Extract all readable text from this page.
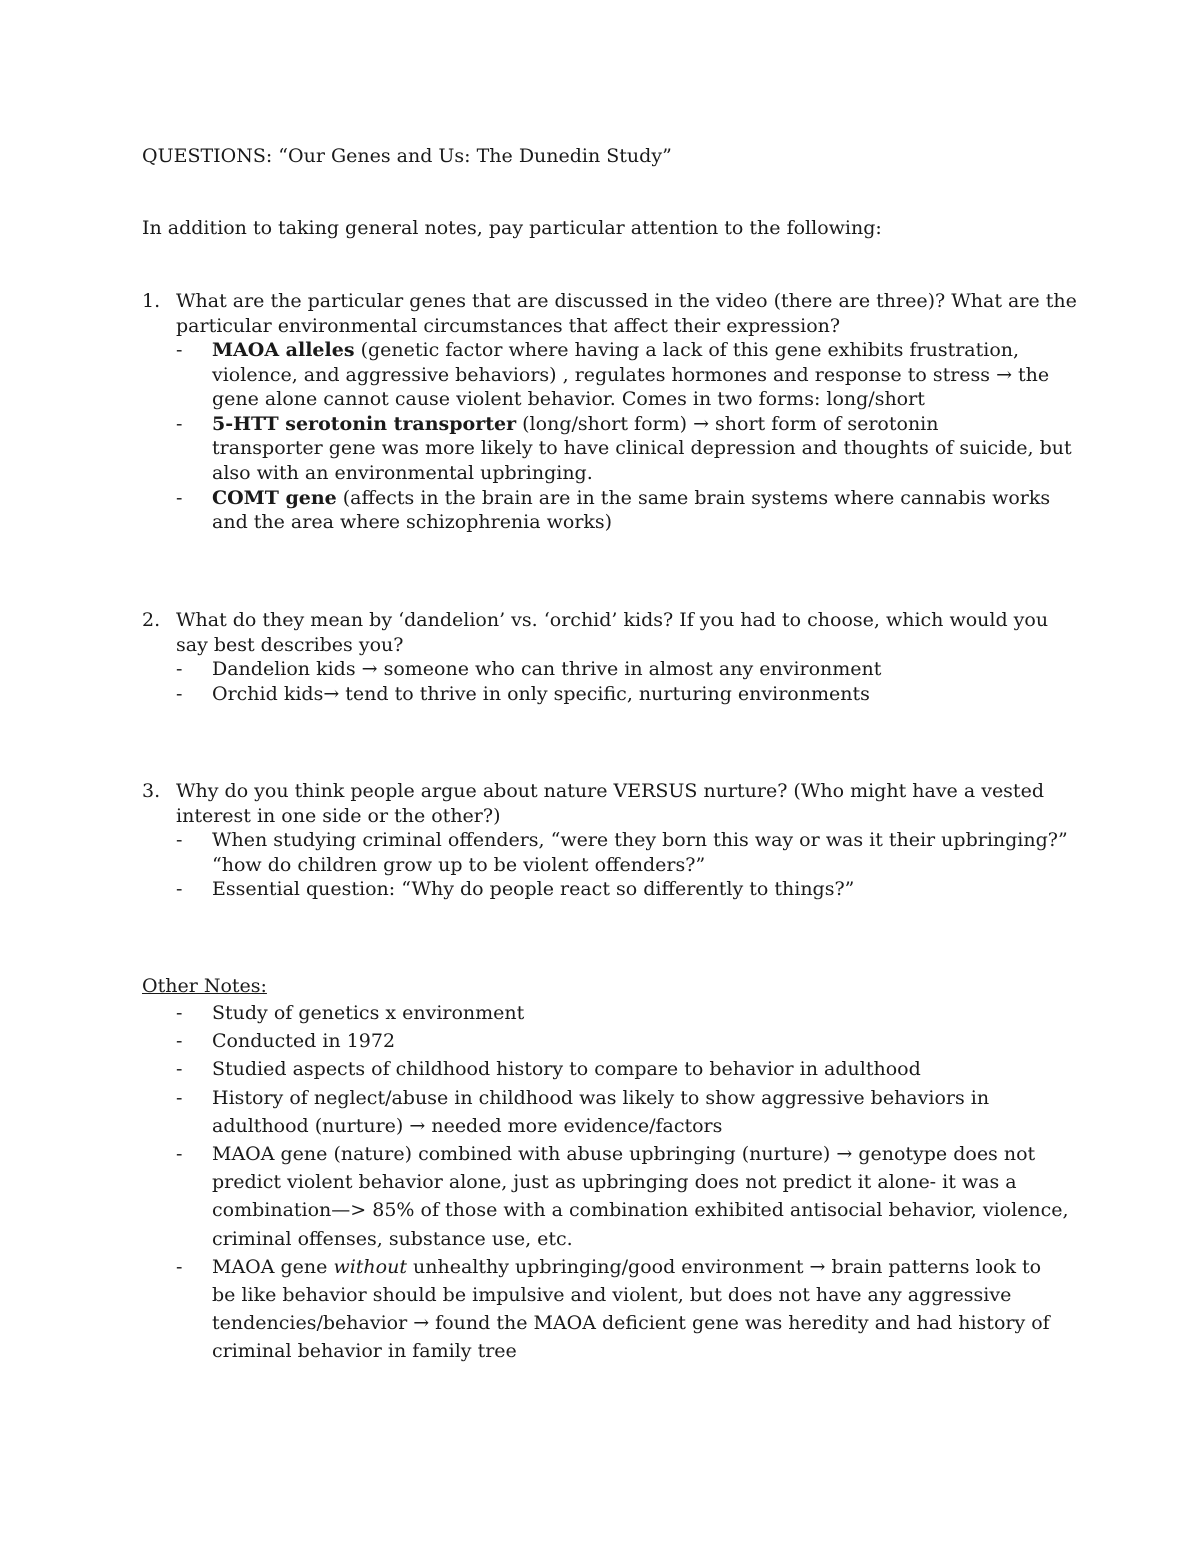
QUESTIONS: “Our Genes and Us: The Dunedin Study”
In addition to taking general notes, pay particular attention to the following:
1. What are the particular genes that are discussed in the video (there are three)? What are the
particular environmental circumstances that affect their expression?
-	MAOA alleles (genetic factor where having a lack of this gene exhibits frustration,
violence, and aggressive behaviors) , regulates hormones and response to stress → the
gene alone cannot cause violent behavior. Comes in two forms: long/short
-	5-HTT serotonin transporter (long/short form) → short form of serotonin
transporter gene was more likely to have clinical depression and thoughts of suicide, but
also with an environmental upbringing.
-	COMT gene (affects in the brain are in the same brain systems where cannabis works
and the area where schizophrenia works)
2. What do they mean by ‘dandelion’ vs. ‘orchid’ kids? If you had to choose, which would you
say best describes you?
-	Dandelion kids → someone who can thrive in almost any environment
-	Orchid kids→ tend to thrive in only specific, nurturing environments
3. Why do you think people argue about nature VERSUS nurture? (Who might have a vested
interest in one side or the other?)
-	When studying criminal offenders, “were they born this way or was it their upbringing?”
“how do children grow up to be violent offenders?”
-	Essential question: “Why do people react so differently to things?”
Other Notes:
-	Study of genetics x environment
-	Conducted in 1972
-	Studied aspects of childhood history to compare to behavior in adulthood
-	History of neglect/abuse in childhood was likely to show aggressive behaviors in
adulthood (nurture) → needed more evidence/factors
-	MAOA gene (nature) combined with abuse upbringing (nurture) → genotype does not
predict violent behavior alone, just as upbringing does not predict it alone- it was a
combination—> 85% of those with a combination exhibited antisocial behavior, violence,
criminal offenses, substance use, etc.
-	MAOA gene without unhealthy upbringing/good environment → brain patterns look to
be like behavior should be impulsive and violent, but does not have any aggressive
tendencies/behavior → found the MAOA deficient gene was heredity and had history of
criminal behavior in family tree
